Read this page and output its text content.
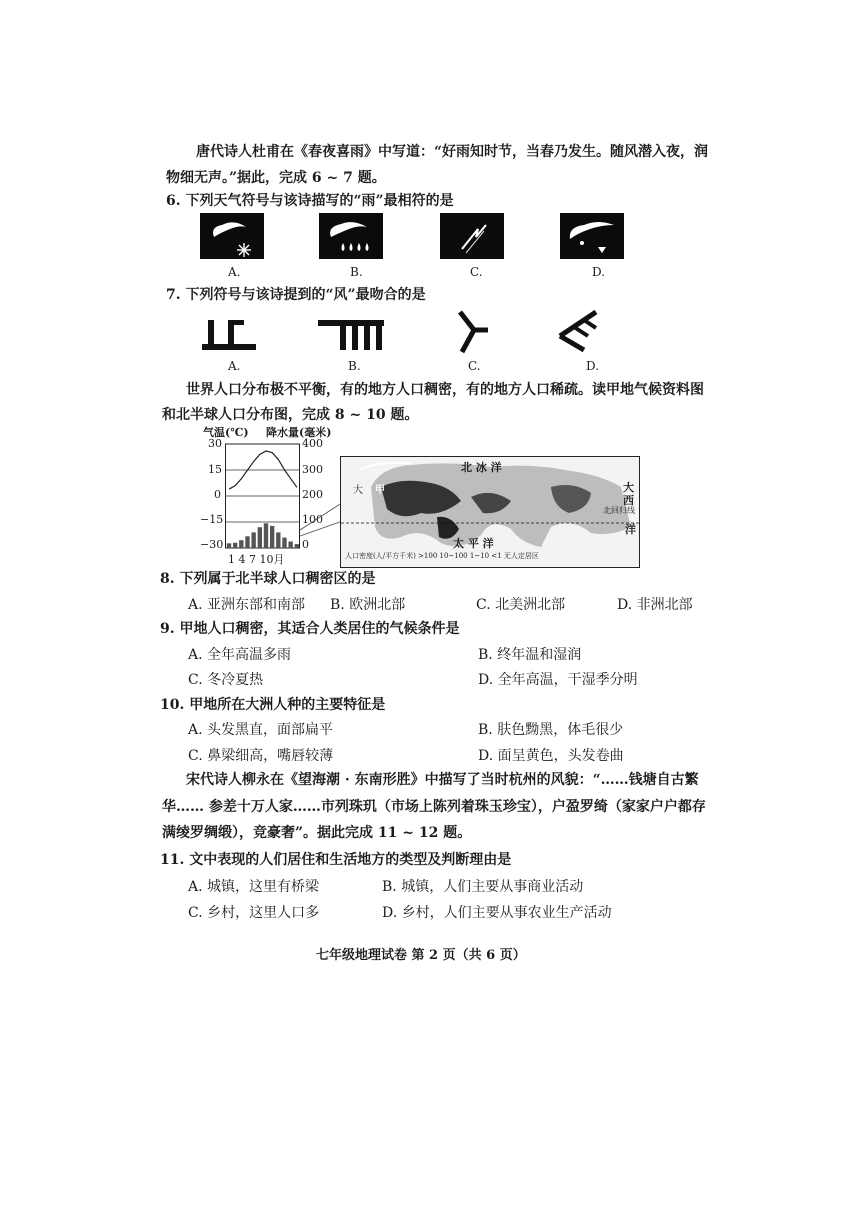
唐代诗人杜甫在《春夜喜雨》中写道：“好雨知时节，当春乃发生。随风潜入夜，润
物细无声。”据此，完成 6 ~ 7 题。
6. 下列天气符号与该诗描写的“雨”最相符的是
A.	B.	C.	D.
7. 下列符号与该诗提到的“风”最吻合的是
A.	B.	C.	D.
世界人口分布极不平衡，有的地方人口稠密，有的地方人口稀疏。读甲地气候资料图
和北半球人口分布图，完成 8 ~ 10 题。
气温(℃) 降水量(毫米)
30
15
0
−15
−30
400
300
200
100
0
1 4 7 10月
北 冰 洋
太 平 洋
大
西
洋
北回归线
甲
大
人口密度(人/平方千米) >100 10~100 1~10 <1 无人定居区
8. 下列属于北半球人口稠密区的是
A. 亚洲东部和南部 B. 欧洲北部	C. 北美洲北部	D. 非洲北部
9. 甲地人口稠密，其适合人类居住的气候条件是
A. 全年高温多雨	B. 终年温和湿润
C. 冬冷夏热	D. 全年高温，干湿季分明
10. 甲地所在大洲人种的主要特征是
A. 头发黑直，面部扁平	B. 肤色黝黑，体毛很少
C. 鼻梁细高，嘴唇较薄	D. 面呈黄色，头发卷曲
宋代诗人柳永在《望海潮 · 东南形胜》中描写了当时杭州的风貌：“……钱塘自古繁
华…… 参差十万人家……市列珠玑（市场上陈列着珠玉珍宝），户盈罗绮（家家户户都存
满绫罗绸缎），竞豪奢”。据此完成 11 ~ 12 题。
11. 文中表现的人们居住和生活地方的类型及判断理由是
A. 城镇，这里有桥梁	B. 城镇，人们主要从事商业活动
C. 乡村，这里人口多	D. 乡村，人们主要从事农业生产活动
七年级地理试卷 第 2 页（共 6 页）
